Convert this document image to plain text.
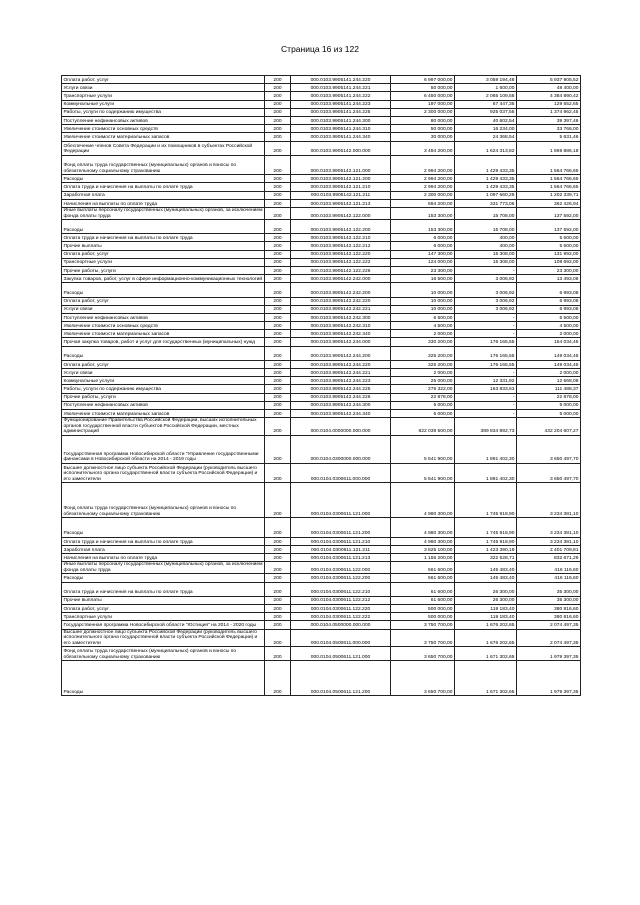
Страница 16 из 122
Оплата работ, услуг	200	000.0103.9905141.244.220	6 997 000,00	3 059 194,48	5 937 905,52
Услуги связи	200	000.0103.9905141.244.221	50 000,00	1 600,00	48 400,00
Транспортные услуги	200	000.0103.9905141.244.222	6 450 000,00	2 065 109,58	4 384 890,42
Коммунальные услуги	200	000.0103.9905141.244.223	197 000,00	67 447,35	129 552,65
Работы, услуги по содержанию имущества	200	000.0103.9905141.244.225	2 300 000,00	925 037,55	1 374 962,45
Поступление нефинансовых активов	200	000.0103.9905141.244.300	80 000,00	40 602,54	39 397,46
Увеличение стоимости основных средств	200	000.0103.9905141.244.310	50 000,00	16 234,00	33 766,00
Увеличение стоимости материальных запасов	200	000.0103.9905141.244.340	30 000,00	24 368,54	5 631,46
Обеспечение членов Совета Федерации и их помощников в субъектах Российской Федерации	200	000.0103.9905142.000.000	3 494 200,00	1 624 313,82	1 869 886,18
Фонд оплаты труда государственных (муниципальных) органов и взносы по обязательному социальному страхованию	200	000.0103.9905142.121.000	2 994 200,00	1 429 433,35	1 564 766,65
Расходы	200	000.0103.9905142.121.200	2 994 200,00	1 429 433,35	1 564 766,65
Оплата труда и начисления на выплаты по оплате труда	200	000.0103.9905142.121.210	2 994 200,00	1 429 433,35	1 564 766,65
Заработная плата	200	000.0103.9905142.121.211	2 300 000,00	1 097 660,29	1 202 339,71
Начисления на выплаты по оплате труда	200	000.0103.9905142.121.213	694 200,00	331 773,06	362 426,94
Иные выплаты персоналу государственных (муниципальных) органов, за исключением фонда оплаты труда	200	000.0103.9905142.122.000	153 300,00	15 708,00	137 592,00
Расходы	200	000.0103.9905142.122.200	153 300,00	15 708,00	137 592,00
Оплата труда и начисления на выплаты по оплате труда	200	000.0103.9905142.122.210	6 000,00	400,00	5 600,00
Прочие выплаты	200	000.0103.9905142.122.212	6 000,00	400,00	5 600,00
Оплата работ, услуг	200	000.0103.9905142.122.220	147 300,00	15 308,00	131 992,00
Транспортные услуги	200	000.0103.9905142.122.222	124 000,00	15 308,00	108 692,00
Прочие работы, услуги	200	000.0103.9905142.122.226	23 300,00	-	23 300,00
Закупка товаров, работ, услуг в сфере информационно-коммуникационных технологий	200	000.0103.9905142.242.000	16 500,00	3 006,92	13 493,08
Расходы	200	000.0103.9905142.242.200	10 000,00	3 006,92	6 993,08
Оплата работ, услуг	200	000.0103.9905142.242.220	10 000,00	3 006,92	6 993,08
Услуги связи	200	000.0103.9905142.242.221	10 000,00	3 006,92	6 993,08
Поступление нефинансовых активов	200	000.0103.9905142.242.300	6 500,00	-	6 500,00
Увеличение стоимости основных средств	200	000.0103.9905142.242.310	4 500,00	-	4 500,00
Увеличение стоимости материальных запасов	200	000.0103.9905142.242.340	2 000,00	-	2 000,00
Прочая закупка товаров, работ и услуг для государственных (муниципальных) нужд	200	000.0103.9905142.244.000	330 200,00	176 165,55	154 034,45
Расходы	200	000.0103.9905142.244.200	325 200,00	176 165,55	149 034,45
Оплата работ, услуг	200	000.0103.9905142.244.220	325 200,00	176 165,55	149 034,45
Услуги связи	200	000.0103.9905142.244.221	2 000,00	-	2 000,00
Коммунальные услуги	200	000.0103.9905142.244.223	25 000,00	12 331,92	12 668,08
Работы, услуги по содержанию имущества	200	000.0103.9905142.244.225	275 322,00	163 833,63	111 488,37
Прочие работы, услуги	200	000.0103.9905142.244.226	22 878,00	-	22 878,00
Поступление нефинансовых активов	200	000.0103.9905142.244.300	5 000,00	-	5 000,00
Увеличение стоимости материальных запасов	200	000.0103.9905142.244.340	5 000,00	-	5 000,00
Функционирование Правительства Российской Федерации, высших исполнительных органов государственной власти субъектов Российской Федерации, местных администраций	200	000.0104.0000000.000.000	822 039 500,00	389 834 892,73	432 204 607,27
Государственная программа Новосибирской области "Управление государственными финансами в Новосибирской области на 2014 - 2019 годы	200	000.0104.0300000.000.000	5 541 900,00	1 891 402,30	3 650 497,70
Высшее должностное лицо субъекта Российской Федерации (руководитель высшего исполнительного органа государственной власти субъекта Российской Федерации) и его заместители	200	000.0104.0300611.000.000	5 541 900,00	1 891 402,30	3 650 497,70
Фонд оплаты труда государственных (муниципальных) органов и взносы по обязательному социальному страхованию	200	000.0104.0300611.121.000	4 980 300,00	1 745 918,90	3 234 381,10
Расходы	200	000.0104.0300611.121.200	4 980 300,00	1 745 918,90	3 234 381,10
Оплата труда и начисления на выплаты по оплате труда	200	000.0104.0300611.121.210	4 980 300,00	1 745 918,90	3 234 381,10
Заработная плата	200	000.0104.0300611.121.211	3 825 100,00	1 423 390,19	2 401 709,81
Начисления на выплаты по оплате труда	200	000.0104.0300611.121.213	1 155 200,00	322 528,71	832 671,29
Иные выплаты персоналу государственных (муниципальных) органов, за исключением фонда оплаты труда	200	000.0104.0300611.122.000	561 600,00	145 483,40	416 116,60
Расходы	200	000.0104.0300611.122.200	561 600,00	145 483,40	416 116,60
Оплата труда и начисления на выплаты по оплате труда	200	000.0104.0300611.122.210	61 600,00	26 300,00	35 300,00
Прочие выплаты	200	000.0104.0300611.122.212	61 600,00	26 300,00	35 300,00
Оплата работ, услуг	200	000.0104.0300611.122.220	500 000,00	119 183,40	380 816,60
Транспортные услуги	200	000.0104.0300611.122.222	500 000,00	119 183,40	380 816,60
Государственная программа Новосибирской области "Юстиция" на 2014 - 2020 годы	200	000.0104.0500000.000.000	3 750 700,00	1 676 202,65	2 074 497,35
Высшее должностное лицо субъекта Российской Федерации (руководитель высшего исполнительного органа государственной власти субъекта Российской Федерации) и его заместители	200	000.0104.0500611.000.000	3 750 700,00	1 676 202,65	2 074 497,35
Фонд оплаты труда государственных (муниципальных) органов и взносы по обязательному социальному страхованию	200	000.0104.0500611.121.000	3 650 700,00	1 671 302,65	1 979 397,35
Расходы	200	000.0104.0500611.121.200	3 650 700,00	1 671 302,65	1 979 397,35
